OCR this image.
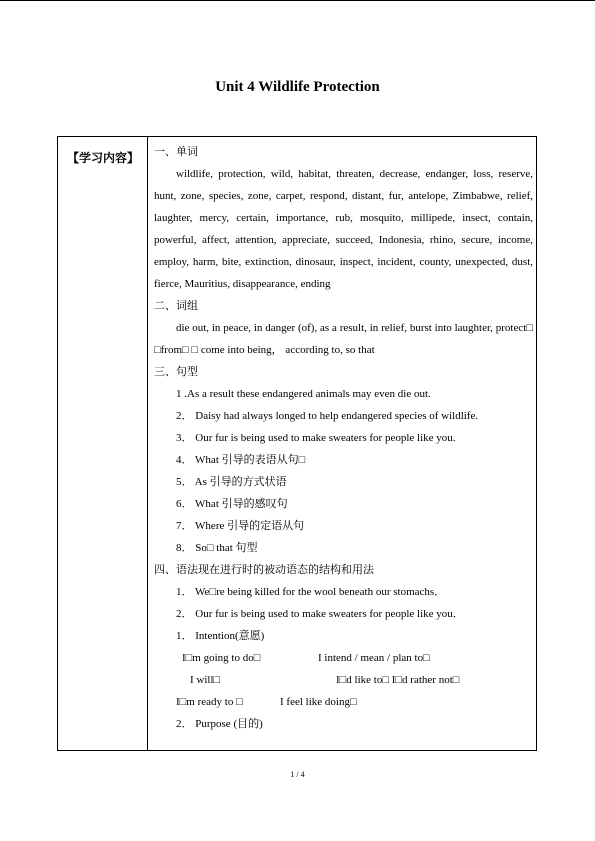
Unit 4 Wildlife Protection
【学习内容】 一、单词
wildlife, protection, wild, habitat, threaten, decrease, endanger, loss, reserve, hunt, zone, species, zone, carpet, respond, distant, fur, antelope, Zimbabwe, relief, laughter, mercy, certain, importance, rub, mosquito, millipede, insect, contain, powerful, affect, attention, appreciate, succeed, Indonesia, rhino, secure, income, employ, harm, bite, extinction, dinosaur, inspect, incident, county, unexpected, dust, fierce, Mauritius, disappearance, ending
二、词组
die out, in peace, in danger (of), as a result, in relief, burst into laughter, protect□ □from□ □ come into being， according to, so that
三、句型
1 .As a result these endangered animals may even die out.
2． Daisy had always longed to help endangered species of wildlife.
3． Our fur is being used to make sweaters for people like you.
4． What 引导的表语从句□
5． As 引导的方式状语
6． What 引导的感叹句
7． Where 引导的定语从句
8． So□ that 句型
四、语法现在进行时的被动语态的结构和用法
1． We□re being killed for the wool beneath our stomachs．
2． Our fur is being used to make sweaters for people like you．
1． Intention(意愿)
I□m going to do□	I intend / mean / plan to□
I will□	I□d like to□ I□d rather not□
I□m ready to □	I feel like doing□
2． Purpose (目的)
1 / 4
